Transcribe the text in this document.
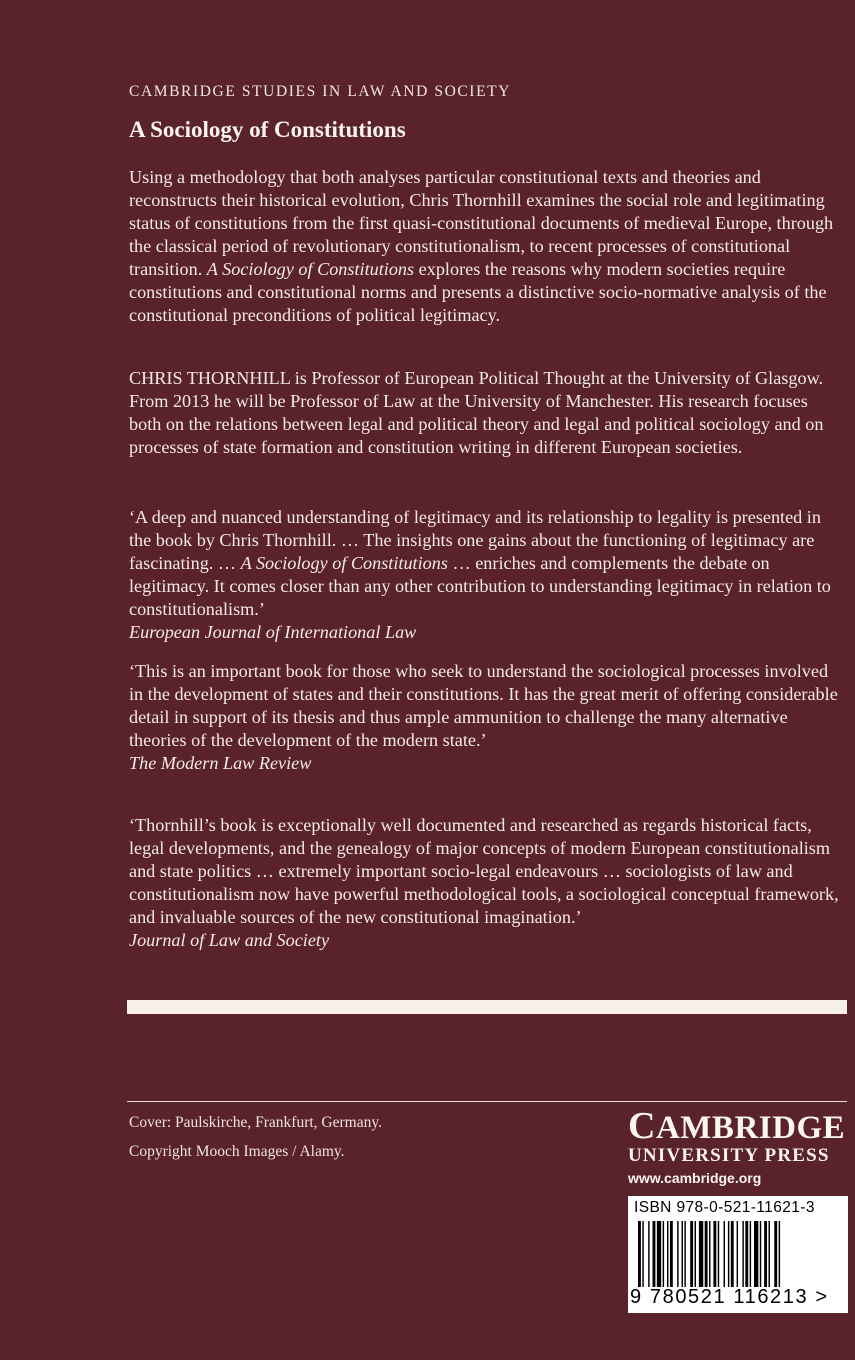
CAMBRIDGE STUDIES IN LAW AND SOCIETY
A Sociology of Constitutions

Using a methodology that both analyses particular constitutional texts and theories and reconstructs their historical evolution, Chris Thornhill examines the social role and legitimating status of constitutions from the first quasi-constitutional documents of medieval Europe, through the classical period of revolutionary constitutionalism, to recent processes of constitutional transition. A Sociology of Constitutions explores the reasons why modern societies require constitutions and constitutional norms and presents a distinctive socio-normative analysis of the constitutional preconditions of political legitimacy.

CHRIS THORNHILL is Professor of European Political Thought at the University of Glasgow. From 2013 he will be Professor of Law at the University of Manchester. His research focuses both on the relations between legal and political theory and legal and political sociology and on processes of state formation and constitution writing in different European societies.

‘A deep and nuanced understanding of legitimacy and its relationship to legality is presented in the book by Chris Thornhill. … The insights one gains about the functioning of legitimacy are fascinating. … A Sociology of Constitutions … enriches and complements the debate on legitimacy. It comes closer than any other contribution to understanding legitimacy in relation to constitutionalism.’

European Journal of International Law

‘This is an important book for those who seek to understand the sociological processes involved in the development of states and their constitutions. It has the great merit of offering considerable detail in support of its thesis and thus ample ammunition to challenge the many alternative theories of the development of the modern state.’

The Modern Law Review

‘Thornhill’s book is exceptionally well documented and researched as regards historical facts, legal developments, and the genealogy of major concepts of modern European constitutionalism and state politics … extremely important socio-legal endeavours … sociologists of law and constitutionalism now have powerful methodological tools, a sociological conceptual framework, and invaluable sources of the new constitutional imagination.’

Journal of Law and Society
Cover: Paulskirche, Frankfurt, Germany.
Copyright Mooch Images / Alamy.
CAMBRIDGE
UNIVERSITY PRESS
www.cambridge.org
ISBN 978-0-521-11621-3
9 780521 116213 >
